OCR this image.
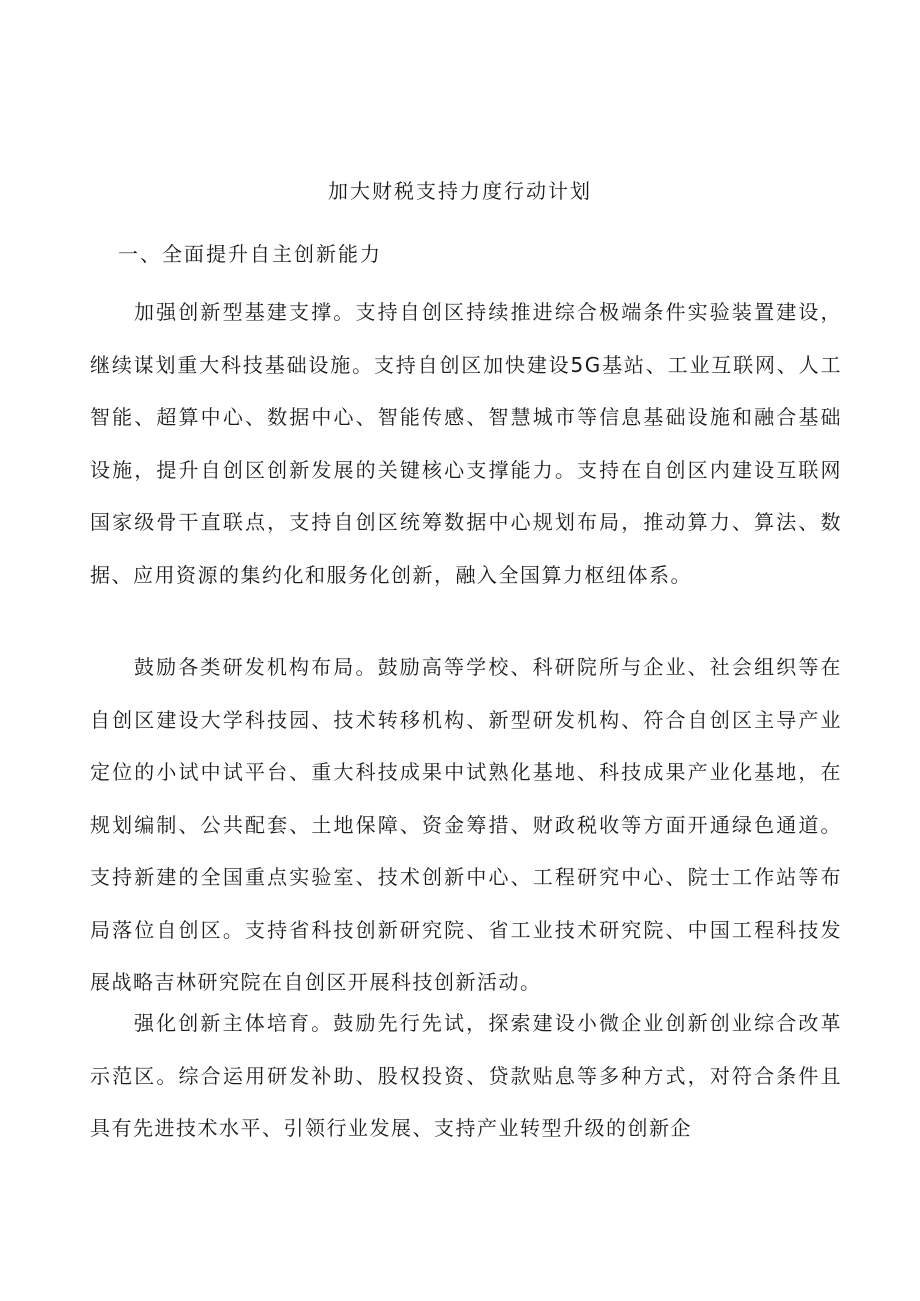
加大财税支持力度行动计划
一、全面提升自主创新能力

加强创新型基建支撑。支持自创区持续推进综合极端条件实验装置建设，继续谋划重大科技基础设施。支持自创区加快建设5G基站、工业互联网、人工智能、超算中心、数据中心、智能传感、智慧城市等信息基础设施和融合基础设施，提升自创区创新发展的关键核心支撑能力。支持在自创区内建设互联网国家级骨干直联点，支持自创区统筹数据中心规划布局，推动算力、算法、数据、应用资源的集约化和服务化创新，融入全国算力枢纽体系。

鼓励各类研发机构布局。鼓励高等学校、科研院所与企业、社会组织等在自创区建设大学科技园、技术转移机构、新型研发机构、符合自创区主导产业定位的小试中试平台、重大科技成果中试熟化基地、科技成果产业化基地，在规划编制、公共配套、土地保障、资金筹措、财政税收等方面开通绿色通道。支持新建的全国重点实验室、技术创新中心、工程研究中心、院士工作站等布局落位自创区。支持省科技创新研究院、省工业技术研究院、中国工程科技发展战略吉林研究院在自创区开展科技创新活动。

强化创新主体培育。鼓励先行先试，探索建设小微企业创新创业综合改革示范区。综合运用研发补助、股权投资、贷款贴息等多种方式，对符合条件且具有先进技术水平、引领行业发展、支持产业转型升级的创新企
